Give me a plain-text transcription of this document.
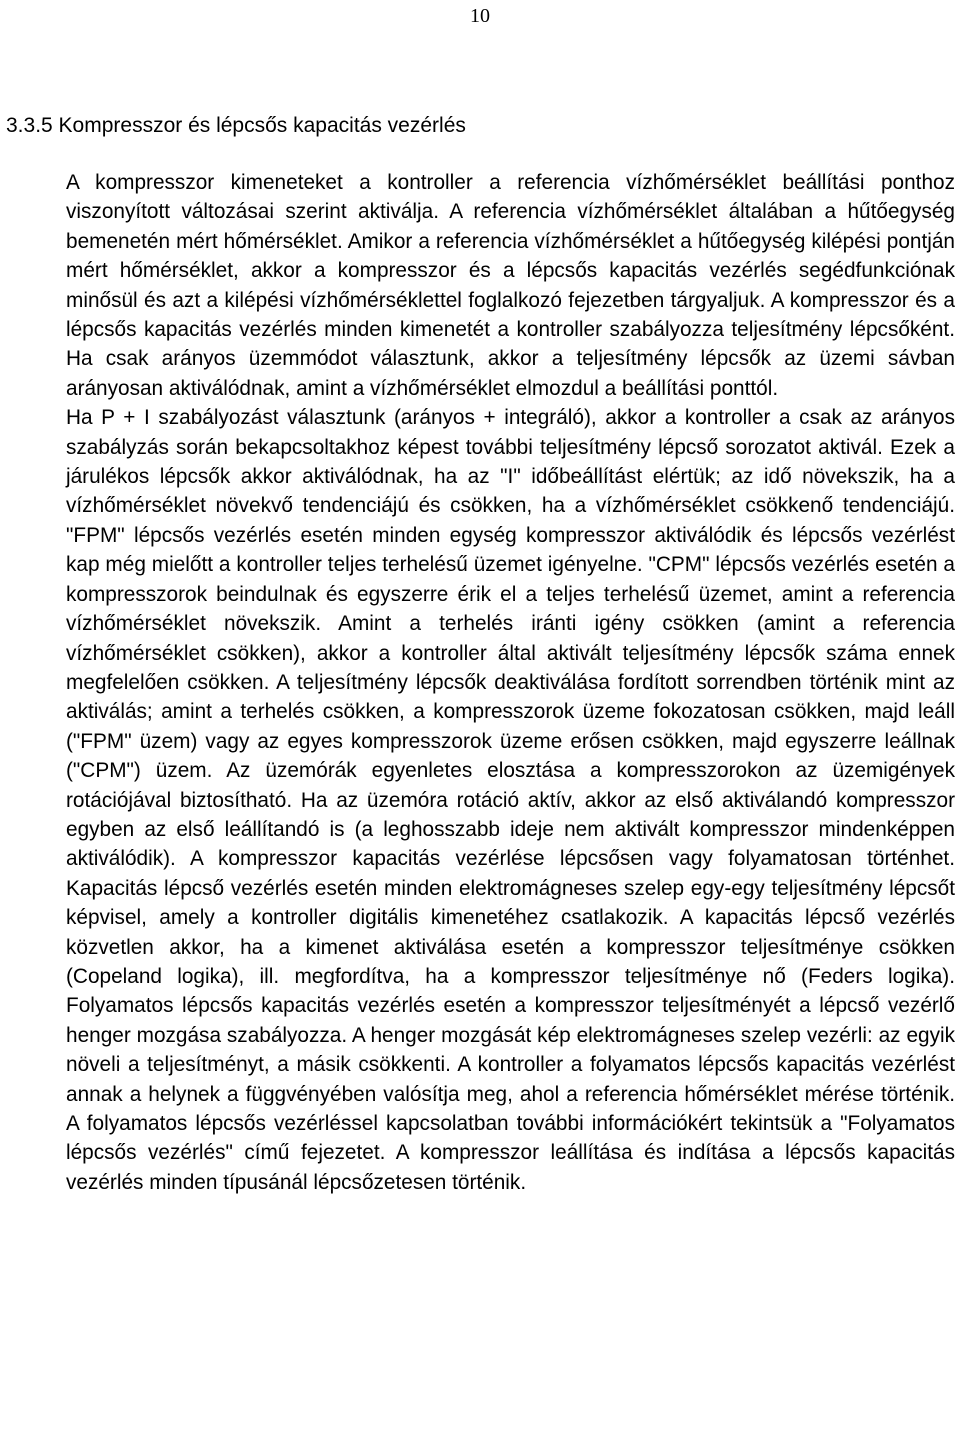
10
3.3.5 Kompresszor és lépcsős kapacitás vezérlés

A kompresszor kimeneteket a kontroller a referencia vízhőmérséklet beállítási ponthoz viszonyított változásai szerint aktiválja. A referencia vízhőmérséklet általában a hűtőegység bemenetén mért hőmérséklet. Amikor a referencia vízhőmérséklet a hűtőegység kilépési pontján mért hőmérséklet, akkor a kompresszor és a lépcsős kapacitás vezérlés segédfunkciónak minősül és azt a kilépési vízhőmérséklettel foglalkozó fejezetben tárgyaljuk. A kompresszor és a lépcsős kapacitás vezérlés minden kimenetét a kontroller szabályozza teljesítmény lépcsőként. Ha csak arányos üzemmódot választunk, akkor a teljesítmény lépcsők az üzemi sávban arányosan aktiválódnak, amint a vízhőmérséklet elmozdul a beállítási ponttól.

Ha P + I szabályozást választunk (arányos + integráló), akkor a kontroller a csak az arányos szabályzás során bekapcsoltakhoz képest további teljesítmény lépcső sorozatot aktivál. Ezek a járulékos lépcsők akkor aktiválódnak, ha az "I" időbeállítást elértük; az idő növekszik, ha a vízhőmérséklet növekvő tendenciájú és csökken, ha a vízhőmérséklet csökkenő tendenciájú. "FPM" lépcsős vezérlés esetén minden egység kompresszor aktiválódik és lépcsős vezérlést kap még mielőtt a kontroller teljes terhelésű üzemet igényelne. "CPM" lépcsős vezérlés esetén a kompresszorok beindulnak és egyszerre érik el a teljes terhelésű üzemet, amint a referencia vízhőmérséklet növekszik. Amint a terhelés iránti igény csökken (amint a referencia vízhőmérséklet csökken), akkor a kontroller által aktivált teljesítmény lépcsők száma ennek megfelelően csökken. A teljesítmény lépcsők deaktiválása fordított sorrendben történik mint az aktiválás; amint a terhelés csökken, a kompresszorok üzeme fokozatosan csökken, majd leáll ("FPM" üzem) vagy az egyes kompresszorok üzeme erősen csökken, majd egyszerre leállnak ("CPM") üzem. Az üzemórák egyenletes elosztása a kompresszorokon az üzemigények rotációjával biztosítható. Ha az üzemóra rotáció aktív, akkor az első aktiválandó kompresszor egyben az első leállítandó is (a leghosszabb ideje nem aktivált kompresszor mindenképpen aktiválódik). A kompresszor kapacitás vezérlése lépcsősen vagy folyamatosan történhet. Kapacitás lépcső vezérlés esetén minden elektromágneses szelep egy-egy teljesítmény lépcsőt képvisel, amely a kontroller digitális kimenetéhez csatlakozik. A kapacitás lépcső vezérlés közvetlen akkor, ha a kimenet aktiválása esetén a kompresszor teljesítménye csökken (Copeland logika), ill. megfordítva, ha a kompresszor teljesítménye nő (Feders logika). Folyamatos lépcsős kapacitás vezérlés esetén a kompresszor teljesítményét a lépcső vezérlő henger mozgása szabályozza. A henger mozgását kép elektromágneses szelep vezérli: az egyik növeli a teljesítményt, a másik csökkenti. A kontroller a folyamatos lépcsős kapacitás vezérlést annak a helynek a függvényében valósítja meg, ahol a referencia hőmérséklet mérése történik. A folyamatos lépcsős vezérléssel kapcsolatban további információkért tekintsük a "Folyamatos lépcsős vezérlés" című fejezetet. A kompresszor leállítása és indítása a lépcsős kapacitás vezérlés minden típusánál lépcsőzetesen történik.
